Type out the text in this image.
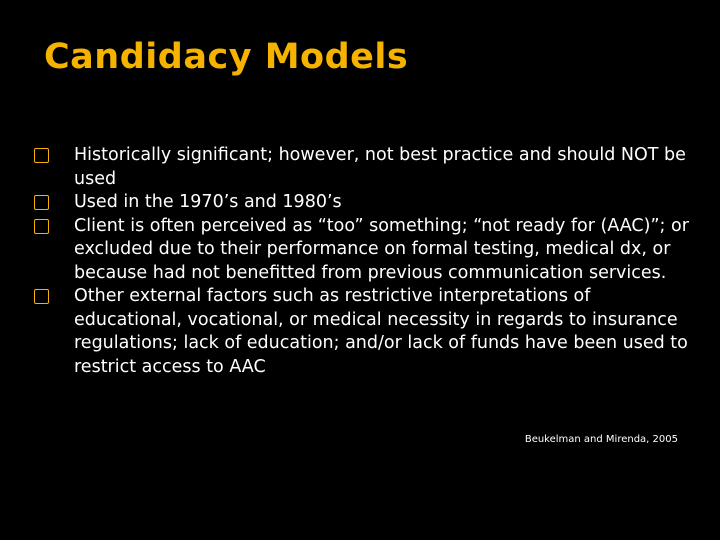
Candidacy Models
Historically significant; however, not best practice and should NOT be used
Used in the 1970’s and 1980’s
Client is often perceived as “too” something; “not ready for (AAC)”; or excluded due to their performance on formal testing, medical dx, or because had not benefitted from previous communication services.
Other external factors such as restrictive interpretations of educational, vocational, or medical necessity in regards to insurance regulations; lack of education; and/or lack of funds have been used to restrict access to AAC
Beukelman and Mirenda, 2005
